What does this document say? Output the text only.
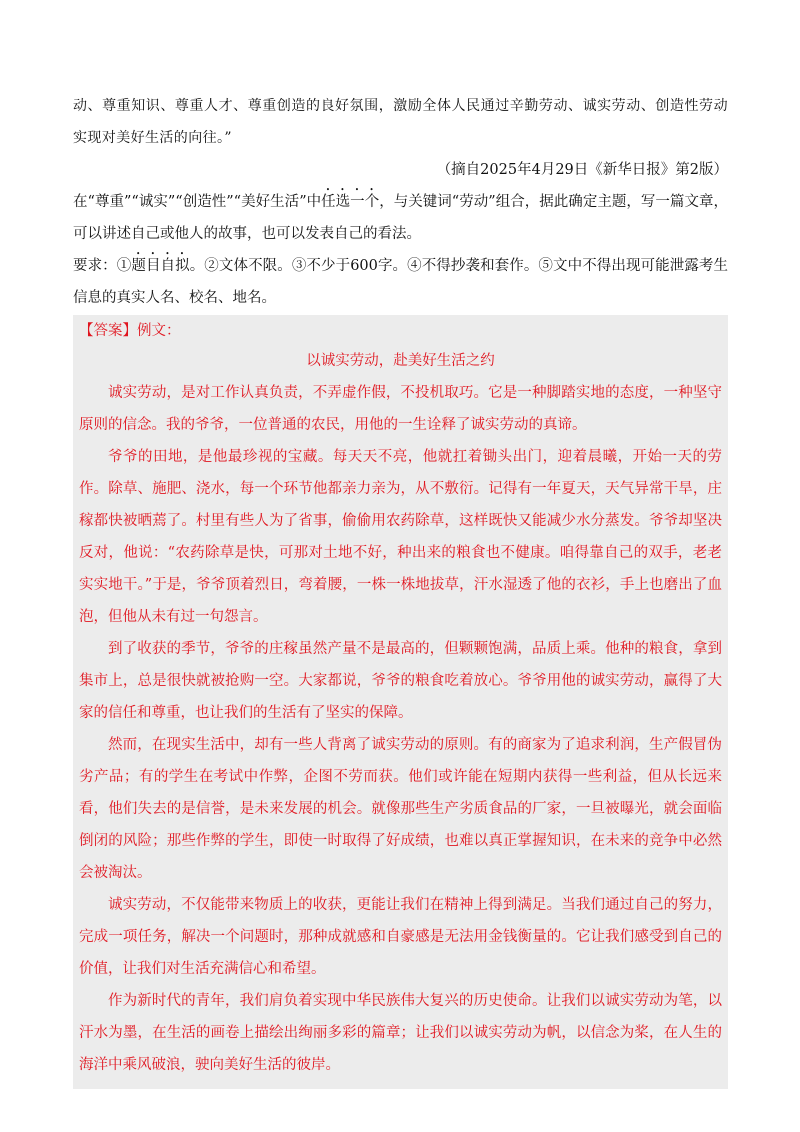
动、尊重知识、尊重人才、尊重创造的良好氛围，激励全体人民通过辛勤劳动、诚实劳动、创造性劳动实现对美好生活的向往。”

（摘自2025年4月29日《新华日报》第2版）

在“尊重”“诚实”“创造性”“美好生活”中任选一个，与关键词“劳动”组合，据此确定主题，写一篇文章，可以讲述自己或他人的故事，也可以发表自己的看法。

要求：①题目自拟。②文体不限。③不少于600字。④不得抄袭和套作。⑤文中不得出现可能泄露考生信息的真实人名、校名、地名。

【答案】例文：
以诚实劳动，赴美好生活之约

诚实劳动，是对工作认真负责，不弄虚作假，不投机取巧。它是一种脚踏实地的态度，一种坚守原则的信念。我的爷爷，一位普通的农民，用他的一生诠释了诚实劳动的真谛。

爷爷的田地，是他最珍视的宝藏。每天天不亮，他就扛着锄头出门，迎着晨曦，开始一天的劳作。除草、施肥、浇水，每一个环节他都亲力亲为，从不敷衍。记得有一年夏天，天气异常干旱，庄稼都快被晒蔫了。村里有些人为了省事，偷偷用农药除草，这样既快又能减少水分蒸发。爷爷却坚决反对，他说：“农药除草是快，可那对土地不好，种出来的粮食也不健康。咱得靠自己的双手，老老实实地干。”于是，爷爷顶着烈日，弯着腰，一株一株地拔草，汗水湿透了他的衣衫，手上也磨出了血泡，但他从未有过一句怨言。

到了收获的季节，爷爷的庄稼虽然产量不是最高的，但颗颗饱满，品质上乘。他种的粮食，拿到集市上，总是很快就被抢购一空。大家都说，爷爷的粮食吃着放心。爷爷用他的诚实劳动，赢得了大家的信任和尊重，也让我们的生活有了坚实的保障。

然而，在现实生活中，却有一些人背离了诚实劳动的原则。有的商家为了追求利润，生产假冒伪劣产品；有的学生在考试中作弊，企图不劳而获。他们或许能在短期内获得一些利益，但从长远来看，他们失去的是信誉，是未来发展的机会。就像那些生产劣质食品的厂家，一旦被曝光，就会面临倒闭的风险；那些作弊的学生，即使一时取得了好成绩，也难以真正掌握知识，在未来的竞争中必然会被淘汰。

诚实劳动，不仅能带来物质上的收获，更能让我们在精神上得到满足。当我们通过自己的努力，完成一项任务，解决一个问题时，那种成就感和自豪感是无法用金钱衡量的。它让我们感受到自己的价值，让我们对生活充满信心和希望。

作为新时代的青年，我们肩负着实现中华民族伟大复兴的历史使命。让我们以诚实劳动为笔，以汗水为墨，在生活的画卷上描绘出绚丽多彩的篇章；让我们以诚实劳动为帆，以信念为桨，在人生的海洋中乘风破浪，驶向美好生活的彼岸。
